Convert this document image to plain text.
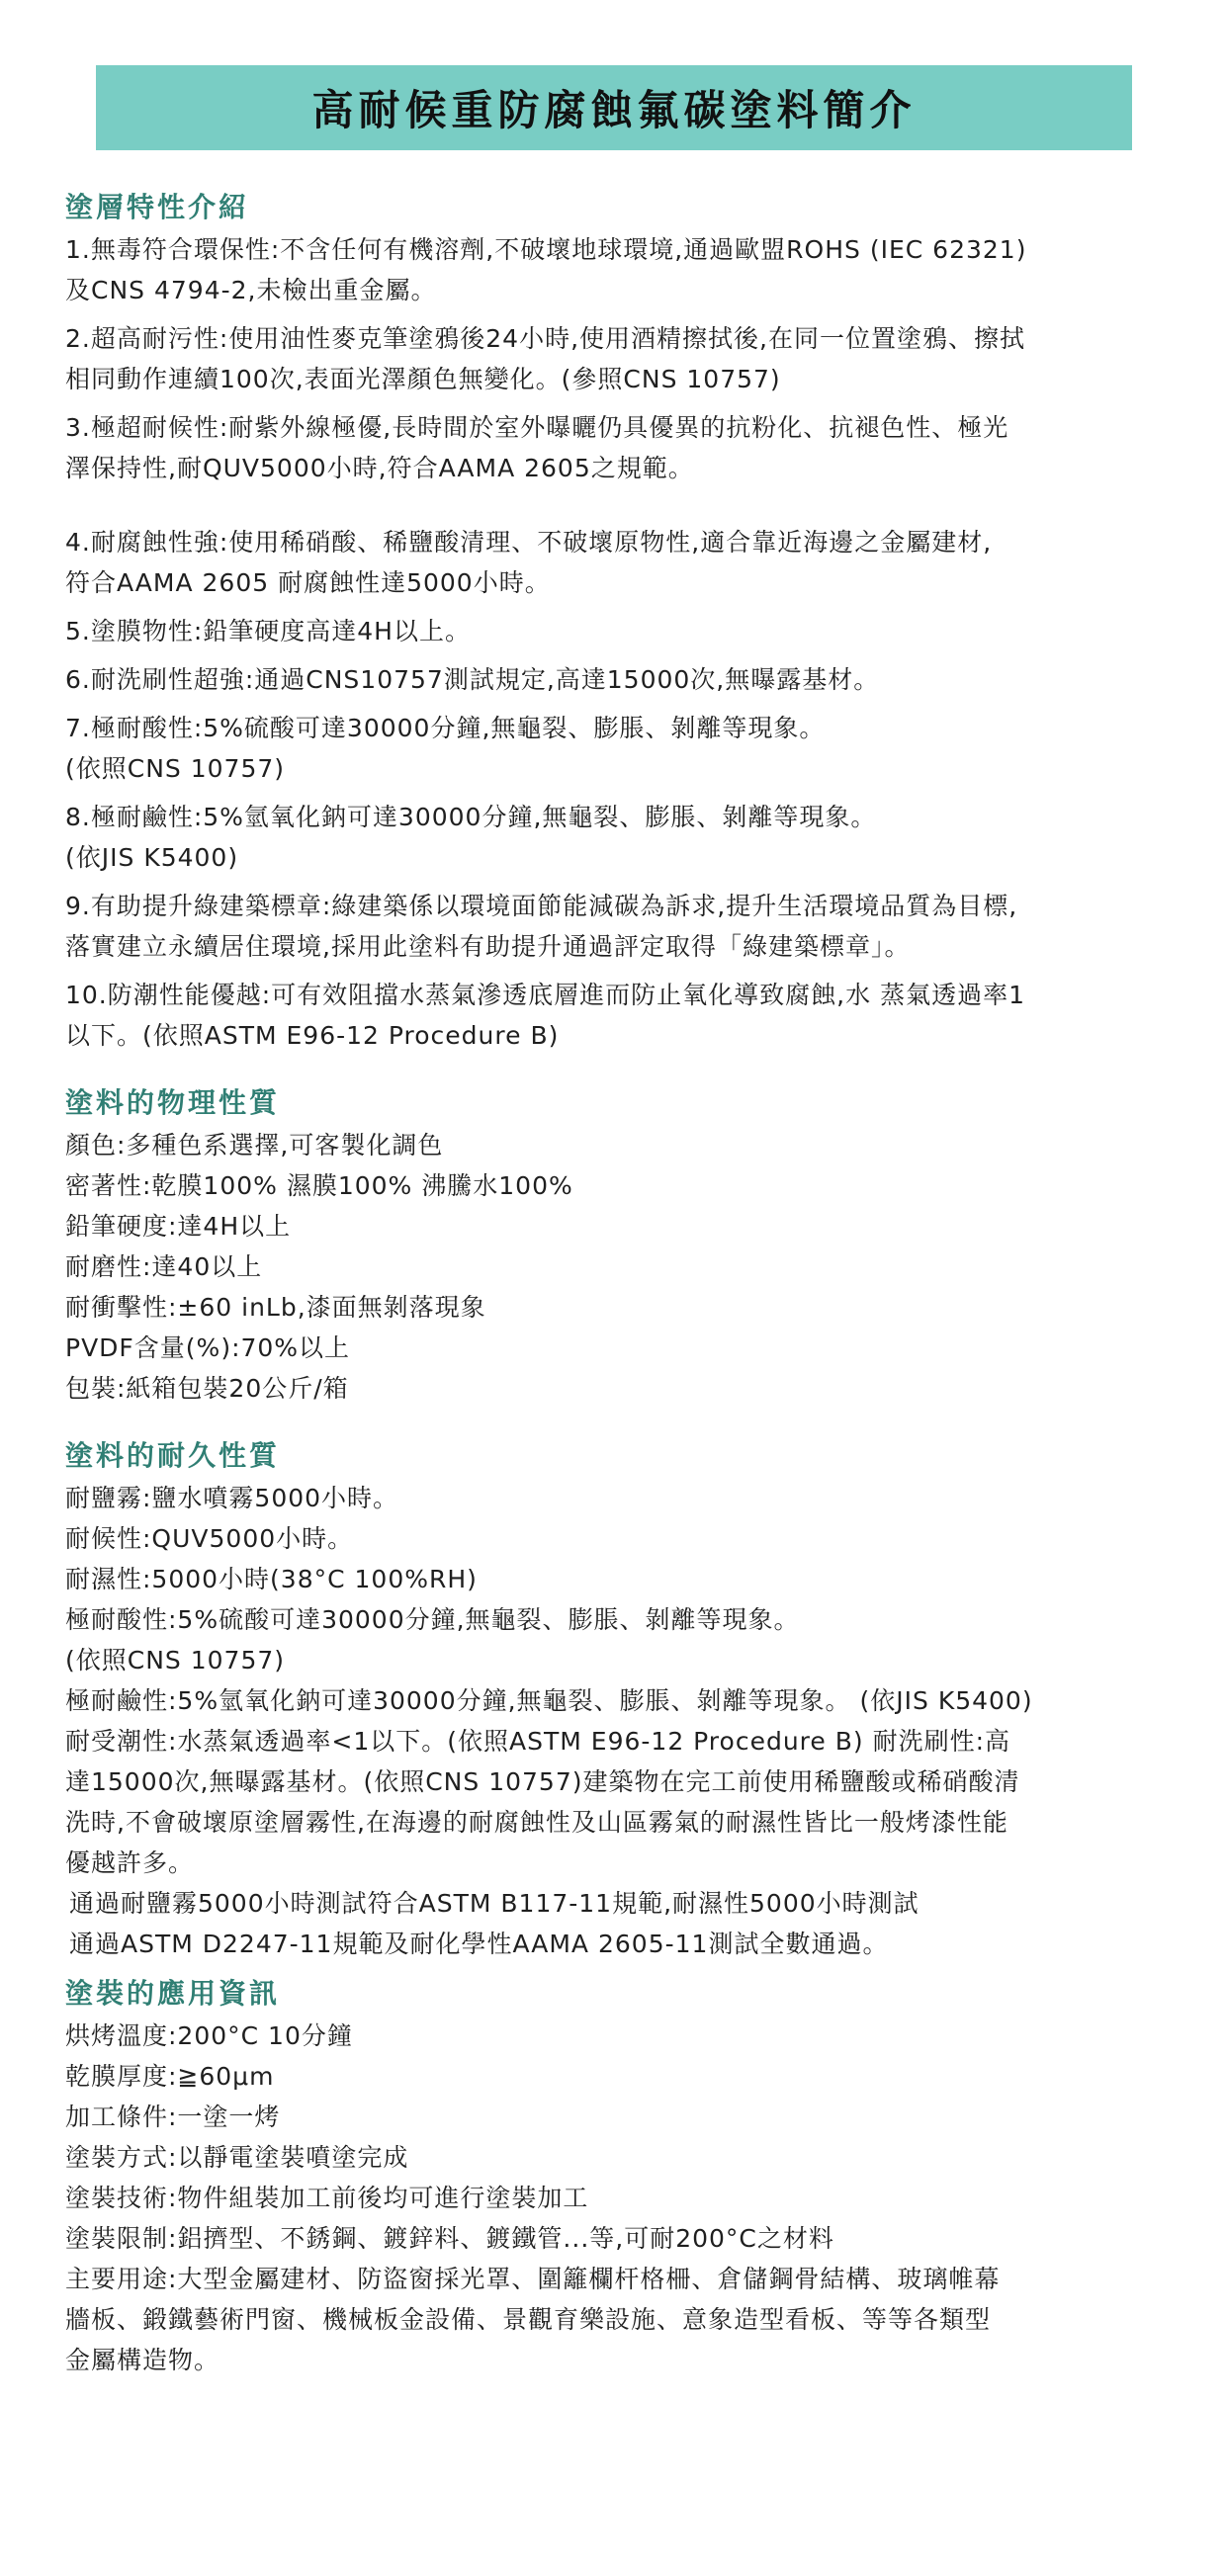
高耐候重防腐蝕氟碳塗料簡介
塗層特性介紹
1.無毒符合環保性:不含任何有機溶劑,不破壞地球環境,通過歐盟ROHS (IEC 62321)
及CNS 4794-2,未檢出重金屬。
2.超高耐污性:使用油性麥克筆塗鴉後24小時,使用酒精擦拭後,在同一位置塗鴉、擦拭
相同動作連續100次,表面光澤顏色無變化。(參照CNS 10757)
3.極超耐候性:耐紫外線極優,長時間於室外曝曬仍具優異的抗粉化、抗褪色性、極光
澤保持性,耐QUV5000小時,符合AAMA 2605之規範。
4.耐腐蝕性強:使用稀硝酸、稀鹽酸清理、不破壞原物性,適合靠近海邊之金屬建材,
符合AAMA 2605 耐腐蝕性達5000小時。
5.塗膜物性:鉛筆硬度高達4H以上。
6.耐洗刷性超強:通過CNS10757測試規定,高達15000次,無曝露基材。
7.極耐酸性:5%硫酸可達30000分鐘,無龜裂、膨脹、剝離等現象。
(依照CNS 10757)
8.極耐鹼性:5%氫氧化鈉可達30000分鐘,無龜裂、膨脹、剝離等現象。
(依JIS K5400)
9.有助提升綠建築標章:綠建築係以環境面節能減碳為訴求,提升生活環境品質為目標,
落實建立永續居住環境,採用此塗料有助提升通過評定取得「綠建築標章」。
10.防潮性能優越:可有效阻擋水蒸氣滲透底層進而防止氧化導致腐蝕,水 蒸氣透過率1
以下。(依照ASTM E96-12 Procedure B)
塗料的物理性質
顏色:多種色系選擇,可客製化調色
密著性:乾膜100% 濕膜100% 沸騰水100%
鉛筆硬度:達4H以上
耐磨性:達40以上
耐衝擊性:±60 inLb,漆面無剝落現象
PVDF含量(%):70%以上
包裝:紙箱包裝20公斤/箱
塗料的耐久性質
耐鹽霧:鹽水噴霧5000小時。
耐候性:QUV5000小時。
耐濕性:5000小時(38°C 100%RH)
極耐酸性:5%硫酸可達30000分鐘,無龜裂、膨脹、剝離等現象。
(依照CNS 10757)
極耐鹼性:5%氫氧化鈉可達30000分鐘,無龜裂、膨脹、剝離等現象。 (依JIS K5400)
耐受潮性:水蒸氣透過率<1以下。(依照ASTM E96-12 Procedure B) 耐洗刷性:高
達15000次,無曝露基材。(依照CNS 10757)建築物在完工前使用稀鹽酸或稀硝酸清
洗時,不會破壞原塗層霧性,在海邊的耐腐蝕性及山區霧氣的耐濕性皆比一般烤漆性能
優越許多。
通過耐鹽霧5000小時測試符合ASTM B117-11規範,耐濕性5000小時測試
通過ASTM D2247-11規範及耐化學性AAMA 2605-11測試全數通過。
塗裝的應用資訊
烘烤溫度:200°C 10分鐘
乾膜厚度:≧60μm
加工條件:一塗一烤
塗裝方式:以靜電塗裝噴塗完成
塗裝技術:物件組裝加工前後均可進行塗裝加工
塗裝限制:鋁擠型、不銹鋼、鍍鋅料、鍍鐵管...等,可耐200°C之材料
主要用途:大型金屬建材、防盜窗採光罩、圍籬欄杆格柵、倉儲鋼骨結構、玻璃帷幕
牆板、鍛鐵藝術門窗、機械板金設備、景觀育樂設施、意象造型看板、等等各類型
金屬構造物。
